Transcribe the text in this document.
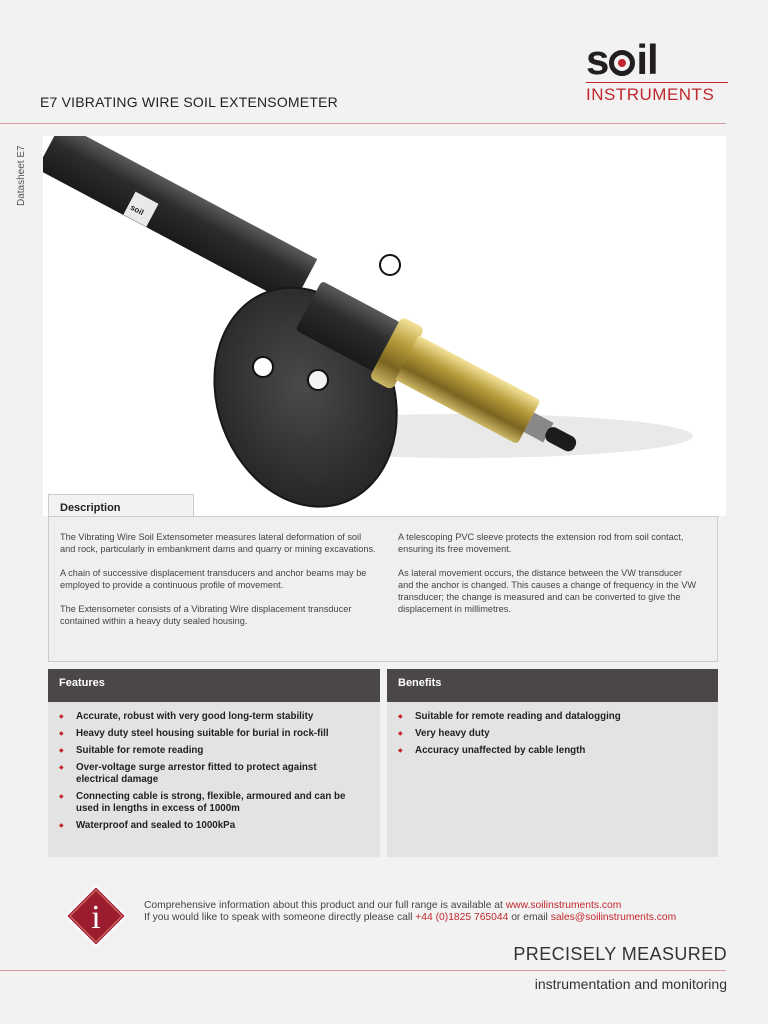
s il
INSTRUMENTS
E7 VIBRATING WIRE SOIL EXTENSOMETER
Datasheet E7
soil
Description

The Vibrating Wire Soil Extensometer measures lateral deformation of soil and rock, particularly in embankment dams and quarry or mining excavations.

A chain of successive displacement transducers and anchor beams may be employed to provide a continuous profile of movement.

The Extensometer consists of a Vibrating Wire displacement transducer contained within a heavy duty sealed housing.

A telescoping PVC sleeve protects the extension rod from soil contact, ensuring its free movement.

As lateral movement occurs, the distance between the VW transducer and the anchor is changed. This causes a change of frequency in the VW transducer; the change is measured and can be converted to give the displacement in millimetres.

Features
◆ Accurate, robust with very good long-term stability
◆ Heavy duty steel housing suitable for burial in rock-fill
◆ Suitable for remote reading
◆ Over-voltage surge arrestor fitted to protect against electrical damage
◆ Connecting cable is strong, flexible, armoured and can be used in lengths in excess of 1000m
◆ Waterproof and sealed to 1000kPa
Benefits
◆ Suitable for remote reading and datalogging
◆ Very heavy duty
◆ Accuracy unaffected by cable length
i	Comprehensive information about this product and our full range is available at www.soilinstruments.com
If you would like to speak with someone directly please call +44 (0)1825 765044 or email sales@soilinstruments.com
PRECISELY MEASURED
instrumentation and monitoring
